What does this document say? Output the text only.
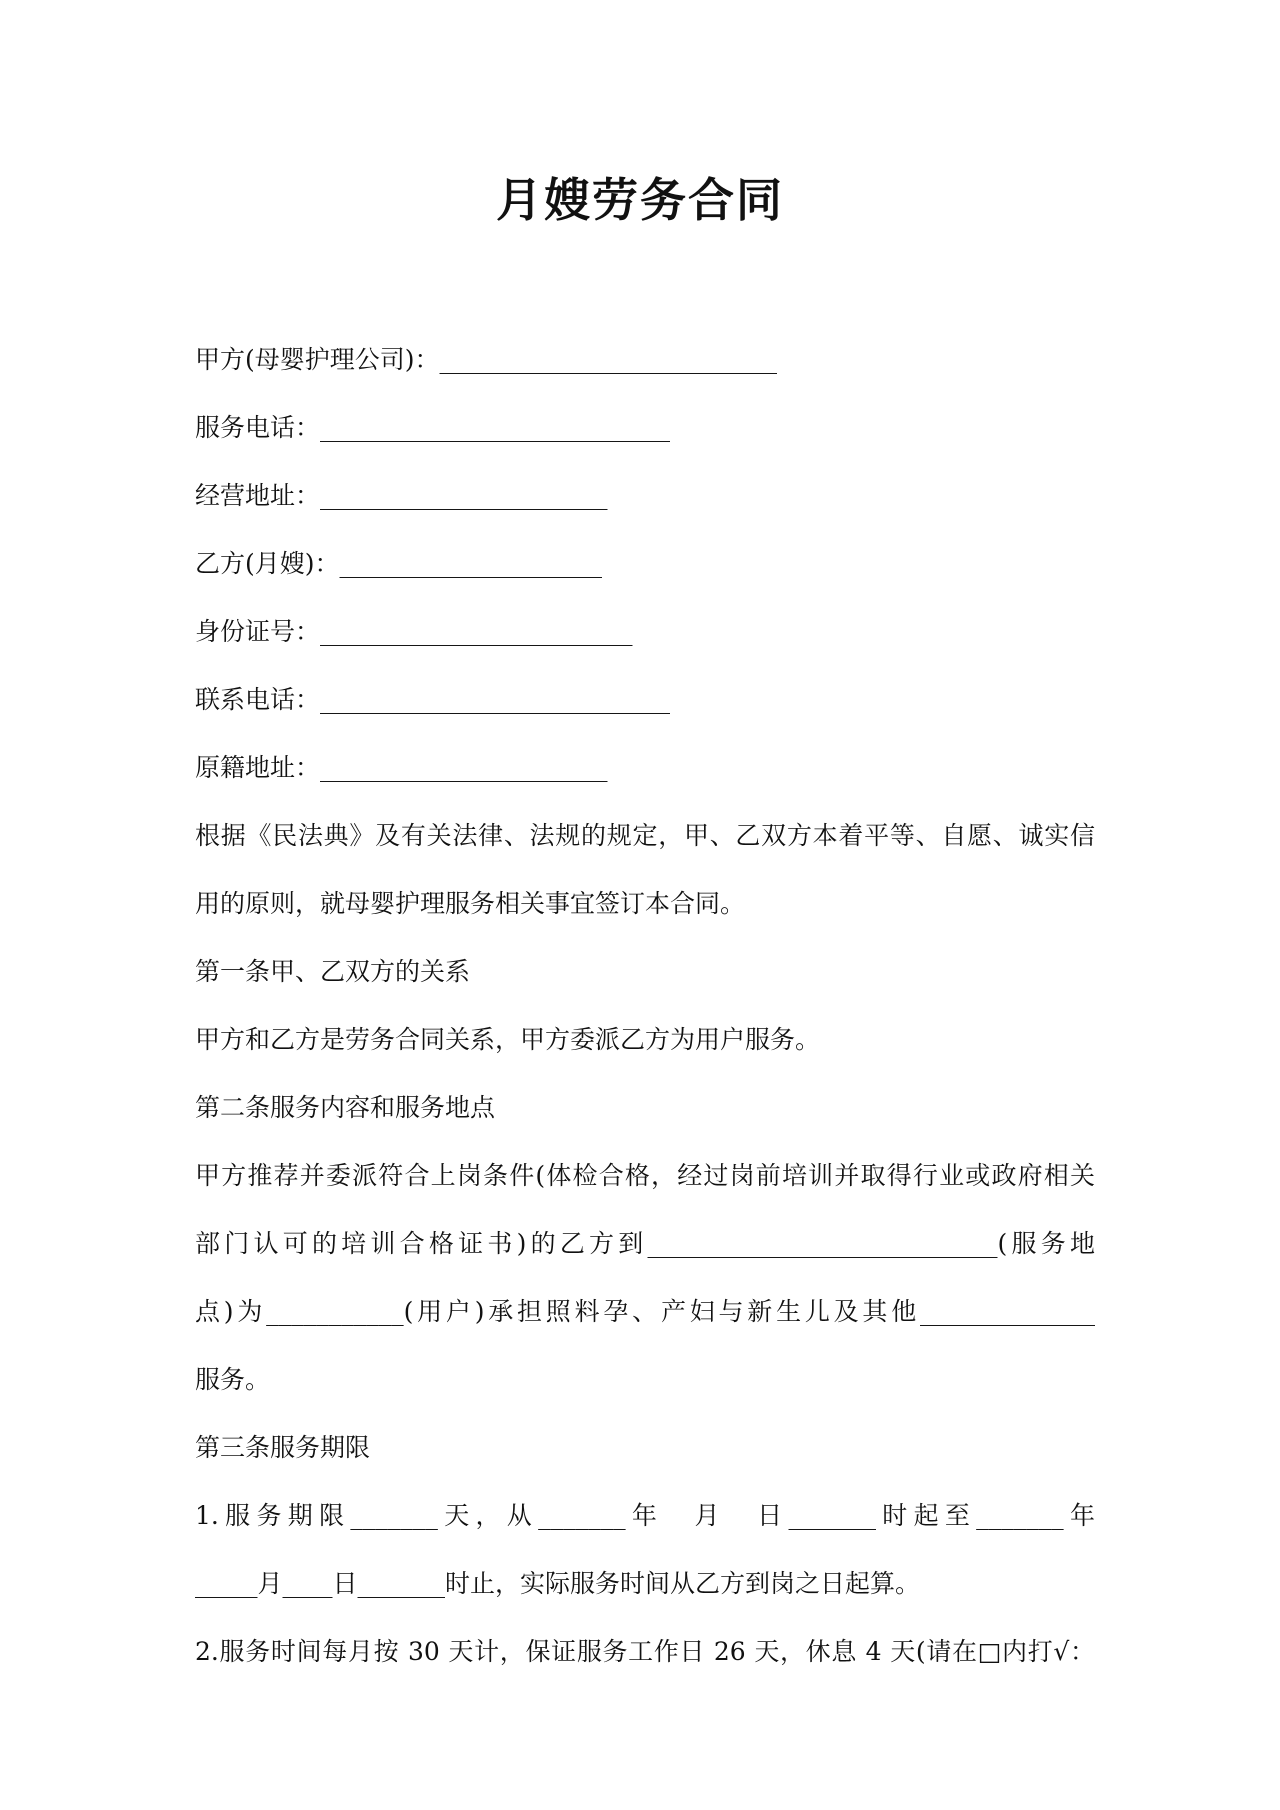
月嫂劳务合同
甲方(母婴护理公司)：___________________________
服务电话：____________________________
经营地址：_______________________
乙方(月嫂)：_____________________
身份证号：_________________________
联系电话：____________________________
原籍地址：_______________________
根据《民法典》及有关法律、法规的规定，甲、乙双方本着平等、自愿、诚实信
用的原则，就母婴护理服务相关事宜签订本合同。
第一条甲、乙双方的关系
甲方和乙方是劳务合同关系，甲方委派乙方为用户服务。
第二条服务内容和服务地点
甲方推荐并委派符合上岗条件(体检合格，经过岗前培训并取得行业或政府相关
部门认可的培训合格证书)的乙方到____________________________(服务地
点)为___________(用户)承担照料孕、产妇与新生儿及其他______________
服务。
第三条服务期限
1.服务期限_______天，从_______年　月　日_______时起至_______年
_____月____日_______时止，实际服务时间从乙方到岗之日起算。
2.服务时间每月按 30 天计，保证服务工作日 26 天，休息 4 天(请在□内打√：
